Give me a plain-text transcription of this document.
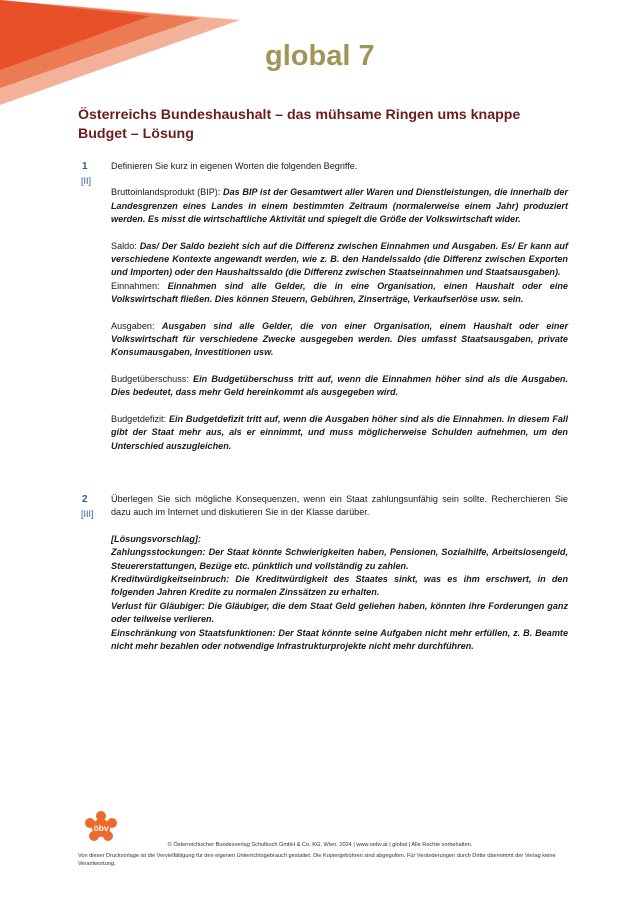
global 7
Österreichs Bundeshaushalt – das mühsame Ringen ums knappe Budget – Lösung
1
[II]

Definieren Sie kurz in eigenen Worten die folgenden Begriffe.

Bruttoinlandsprodukt (BIP): Das BIP ist der Gesamtwert aller Waren und Dienstleistungen, die innerhalb der Landesgrenzen eines Landes in einem bestimmten Zeitraum (normalerweise einem Jahr) produziert werden. Es misst die wirtschaftliche Aktivität und spiegelt die Größe der Volkswirtschaft wider.

Saldo: Das/ Der Saldo bezieht sich auf die Differenz zwischen Einnahmen und Ausgaben. Es/ Er kann auf verschiedene Kontexte angewandt werden, wie z. B. den Handelssaldo (die Differenz zwischen Exporten und Importen) oder den Haushaltssaldo (die Differenz zwischen Staatseinnahmen und Staatsausgaben).

Einnahmen: Einnahmen sind alle Gelder, die in eine Organisation, einen Haushalt oder eine Volkswirtschaft fließen. Dies können Steuern, Gebühren, Zinserträge, Verkaufserlöse usw. sein.

Ausgaben: Ausgaben sind alle Gelder, die von einer Organisation, einem Haushalt oder einer Volkswirtschaft für verschiedene Zwecke ausgegeben werden. Dies umfasst Staatsausgaben, private Konsumausgaben, Investitionen usw.

Budgetüberschuss: Ein Budgetüberschuss tritt auf, wenn die Einnahmen höher sind als die Ausgaben. Dies bedeutet, dass mehr Geld hereinkommt als ausgegeben wird.

Budgetdefizit: Ein Budgetdefizit tritt auf, wenn die Ausgaben höher sind als die Einnahmen. In diesem Fall gibt der Staat mehr aus, als er einnimmt, und muss möglicherweise Schulden aufnehmen, um den Unterschied auszugleichen.

2
[III]

Überlegen Sie sich mögliche Konsequenzen, wenn ein Staat zahlungsunfähig sein sollte. Recherchieren Sie dazu auch im Internet und diskutieren Sie in der Klasse darüber.

[Lösungsvorschlag]:

Zahlungsstockungen: Der Staat könnte Schwierigkeiten haben, Pensionen, Sozialhilfe, Arbeitslosengeld, Steuererstattungen, Bezüge etc. pünktlich und vollständig zu zahlen.

Kreditwürdigkeitseinbruch: Die Kreditwürdigkeit des Staates sinkt, was es ihm erschwert, in den folgenden Jahren Kredite zu normalen Zinssätzen zu erhalten.

Verlust für Gläubiger: Die Gläubiger, die dem Staat Geld geliehen haben, könnten ihre Forderungen ganz oder teilweise verlieren.

Einschränkung von Staatsfunktionen: Der Staat könnte seine Aufgaben nicht mehr erfüllen, z. B. Beamte nicht mehr bezahlen oder notwendige Infrastrukturprojekte nicht mehr durchführen.

öbv
© Österreichischer Bundesverlag Schulbuch GmbH & Co. KG, Wien, 2024 | www.oebv.at | global | Alle Rechte vorbehalten.
Von dieser Druckvorlage ist die Vervielfältigung für den eigenen Unterrichtsgebrauch gestattet. Die Kopiergebühren sind abgegolten. Für Veränderungen durch Dritte übernimmt der Verlag keine Verantwortung.
